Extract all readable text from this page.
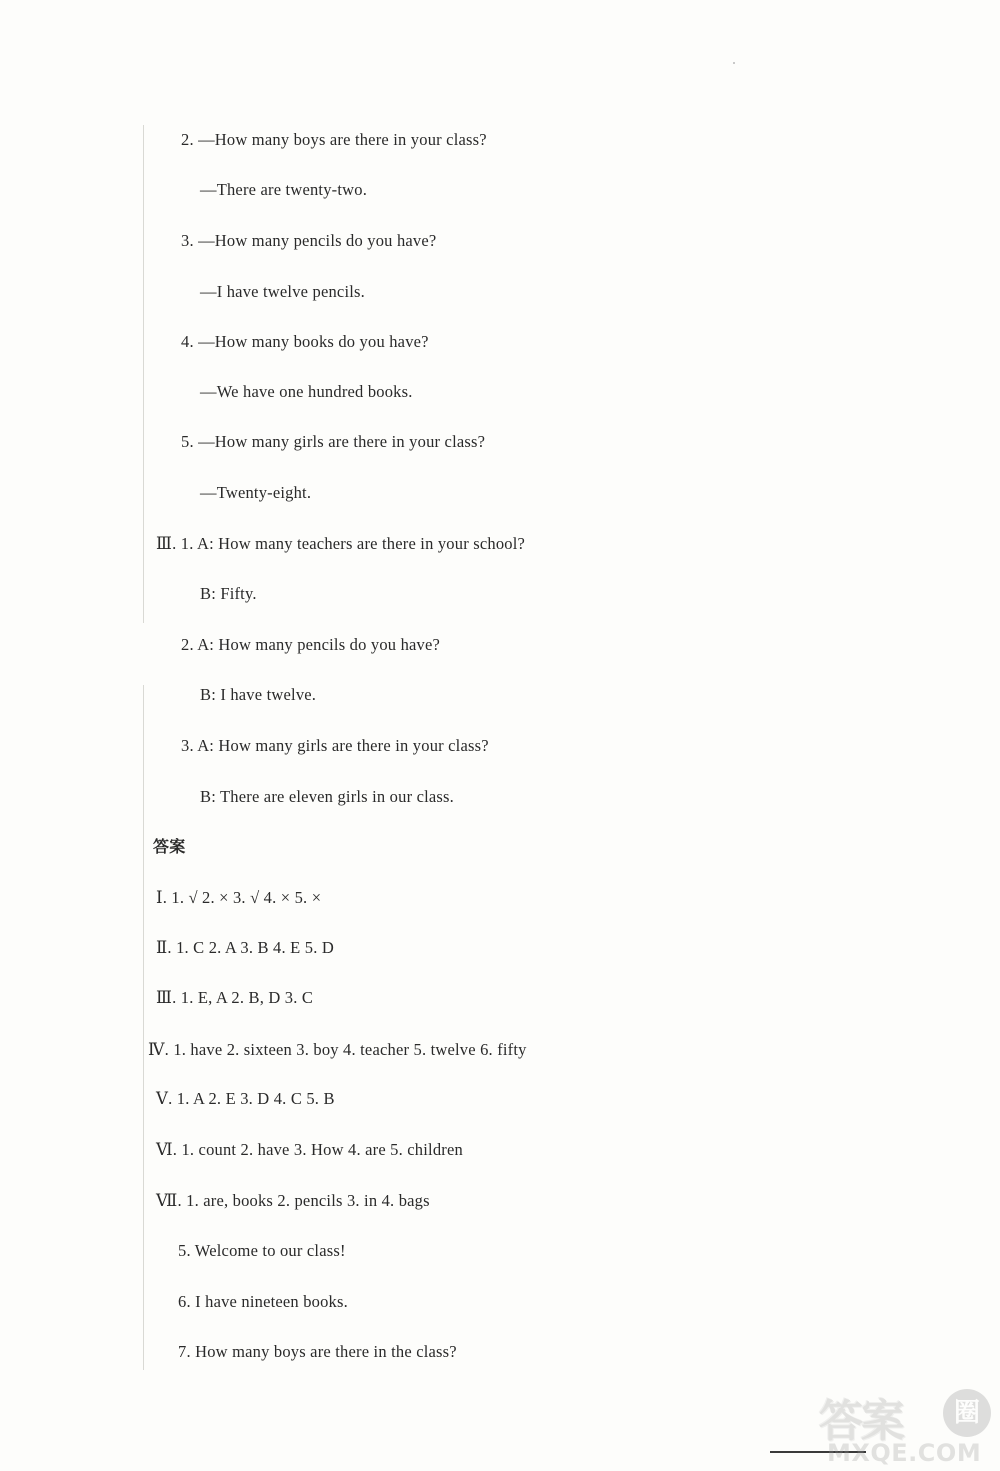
2. —How many boys are there in your class?
—There are twenty-two.
3. —How many pencils do you have?
—I have twelve pencils.
4. —How many books do you have?
—We have one hundred books.
5. —How many girls are there in your class?
—Twenty-eight.
Ⅲ. 1. A: How many teachers are there in your school?
B: Fifty.
2. A: How many pencils do you have?
B: I have twelve.
3. A: How many girls are there in your class?
B: There are eleven girls in our class.
答案
Ⅰ. 1. √ 2. × 3. √ 4. × 5. ×
Ⅱ. 1. C 2. A 3. B 4. E 5. D
Ⅲ. 1. E, A 2. B, D 3. C
Ⅳ. 1. have 2. sixteen 3. boy 4. teacher 5. twelve 6. fifty
Ⅴ. 1. A 2. E 3. D 4. C 5. B
Ⅵ. 1. count 2. have 3. How 4. are 5. children
Ⅶ. 1. are, books 2. pencils 3. in 4. bags
5. Welcome to our class!
6. I have nineteen books.
7. How many boys are there in the class?
答案	圈
MXQE.COM
